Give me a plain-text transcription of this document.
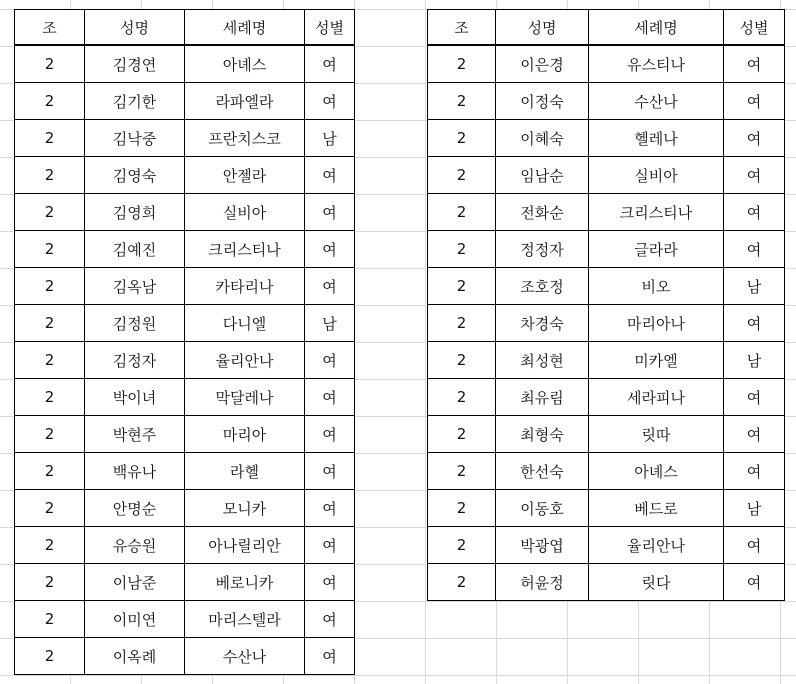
조	성명	세례명	성별
2	김경연	아녜스	여
2	김기한	라파엘라	여
2	김낙중	프란치스코	남
2	김영숙	안젤라	여
2	김영희	실비아	여
2	김예진	크리스티나	여
2	김옥남	카타리나	여
2	김정원	다니엘	남
2	김정자	율리안나	여
2	박이녀	막달레나	여
2	박현주	마리아	여
2	백유나	라헬	여
2	안명순	모니카	여
2	유승원	아나릴리안	여
2	이남준	베로니카	여
2	이미연	마리스텔라	여
2	이옥례	수산나	여
조	성명	세례명	성별
2	이은경	유스티나	여
2	이정숙	수산나	여
2	이혜숙	헬레나	여
2	임남순	실비아	여
2	전화순	크리스티나	여
2	정정자	글라라	여
2	조호정	비오	남
2	차경숙	마리아나	여
2	최성현	미카엘	남
2	최유림	세라피나	여
2	최형숙	릿따	여
2	한선숙	아녜스	여
2	이동호	베드로	남
2	박광엽	율리안나	여
2	허윤정	릿다	여
